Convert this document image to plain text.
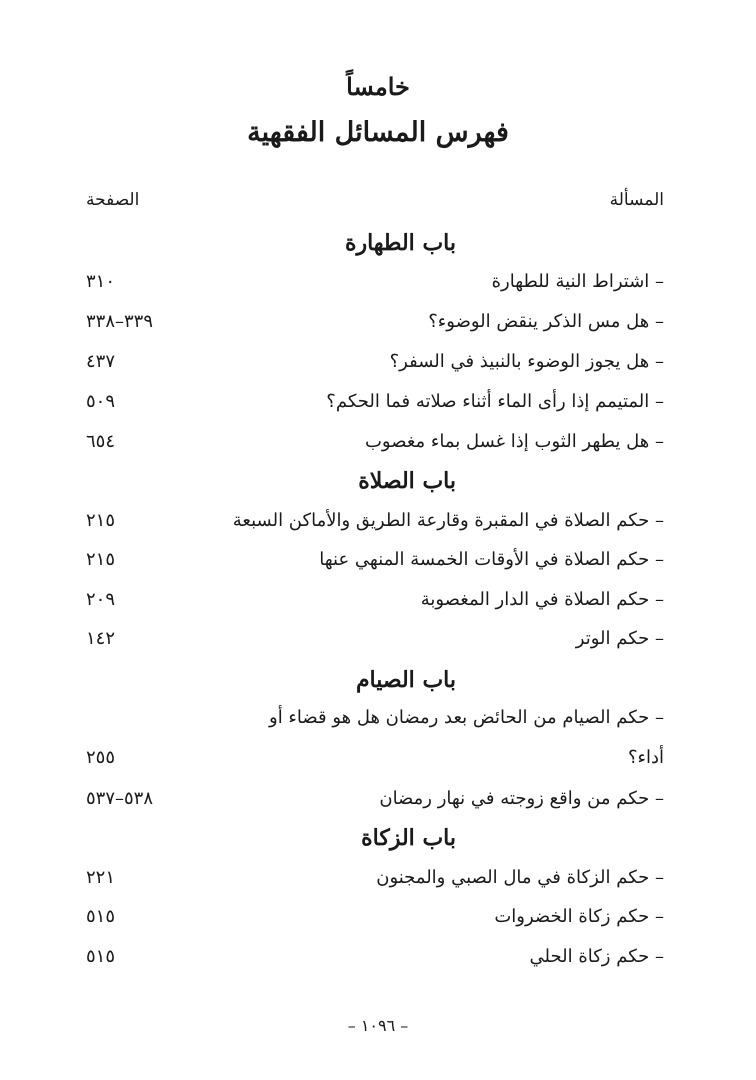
خامساً
فهرس المسائل الفقهية
المسألة
الصفحة
باب الطهارة
– اشتراط النية للطهارة
٣١٠
– هل مس الذكر ينقض الوضوء؟
٣٣٩–٣٣٨
– هل يجوز الوضوء بالنبيذ في السفر؟
٤٣٧
– المتيمم إذا رأى الماء أثناء صلاته فما الحكم؟
٥٠٩
– هل يطهر الثوب إذا غسل بماء مغصوب
٦٥٤
باب الصلاة
– حكم الصلاة في المقبرة وقارعة الطريق والأماكن السبعة
٢١٥
– حكم الصلاة في الأوقات الخمسة المنهي عنها
٢١٥
– حكم الصلاة في الدار المغصوبة
٢٠٩
– حكم الوتر
١٤٢
باب الصيام
– حكم الصيام من الحائض بعد رمضان هل هو قضاء أو
أداء؟
٢٥٥
– حكم من واقع زوجته في نهار رمضان
٥٣٨–٥٣٧
باب الزكاة
– حكم الزكاة في مال الصبي والمجنون
٢٢١
– حكم زكاة الخضروات
٥١٥
– حكم زكاة الحلي
٥١٥
– ١٠٩٦ –
